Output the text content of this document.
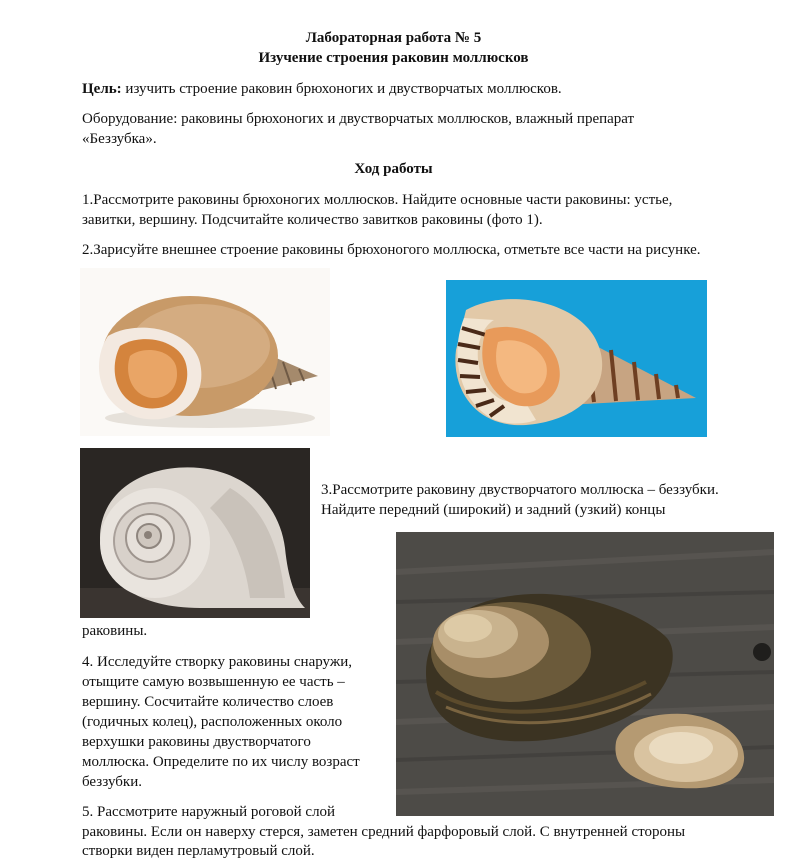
Лабораторная работа № 5
Изучение строения раковин моллюсков
Цель: изучить строение раковин брюхоногих и двустворчатых моллюсков.
Оборудование: раковины брюхоногих и двустворчатых моллюсков, влажный препарат
«Беззубка».
Ход работы
1.Рассмотрите раковины брюхоногих моллюсков. Найдите основные части раковины: устье,
завитки, вершину. Подсчитайте количество завитков раковины (фото 1).
2.Зарисуйте внешнее строение раковины брюхоногого моллюска, отметьте все части на рисунке.
3.Рассмотрите раковину двустворчатого моллюска – беззубки.
Найдите передний (широкий) и задний (узкий) концы
раковины.
4. Исследуйте створку раковины снаружи,
отыщите самую возвышенную ее часть –
вершину. Сосчитайте количество слоев
(годичных колец), расположенных около
верхушки раковины двустворчатого
моллюска. Определите по их числу возраст
беззубки.
5. Рассмотрите наружный роговой слой
раковины. Если он наверху стерся, заметен средний фарфоровый слой. С внутренней стороны
створки виден перламутровый слой.
